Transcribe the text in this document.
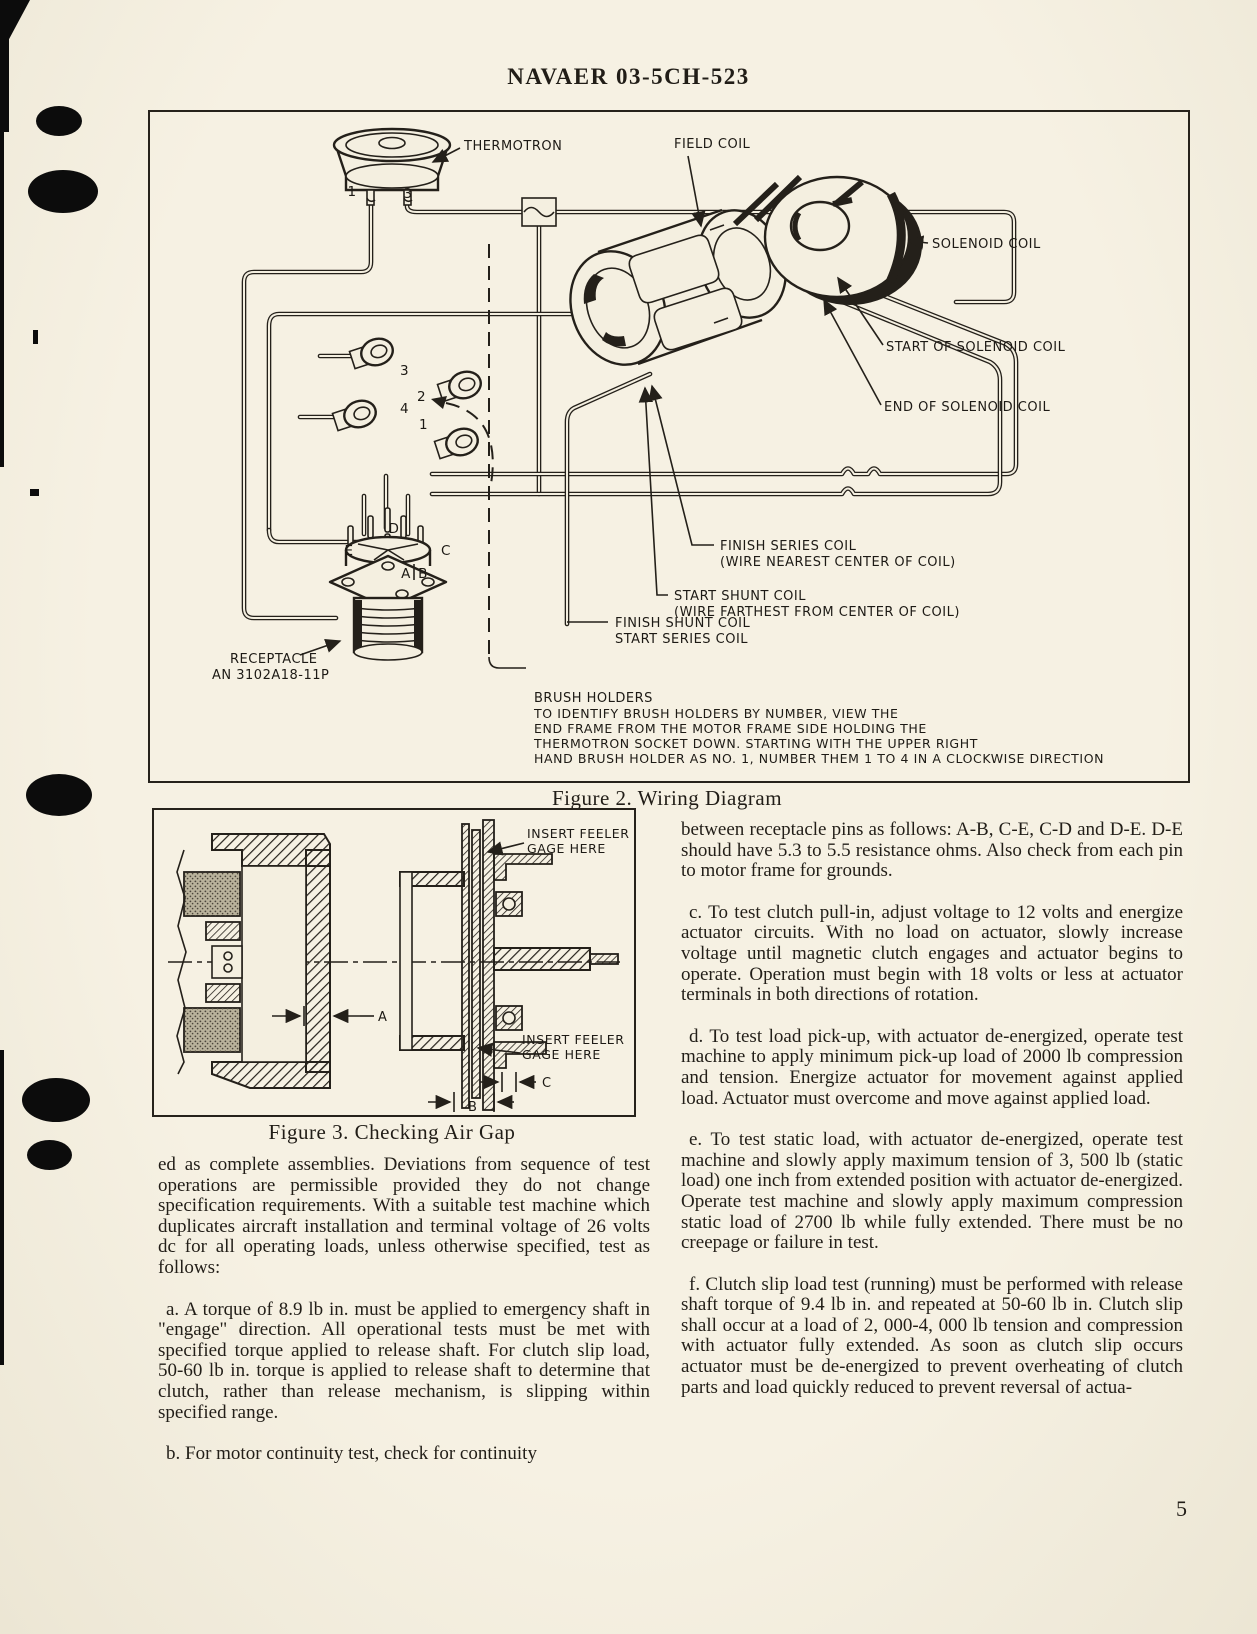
NAVAER 03-5CH-523
1	3
3
2
4
1
E
D
C
A B
THERMOTRON	FIELD COIL
SOLENOID COIL
START OF SOLENOID COIL
END OF SOLENOID COIL
FINISH SERIES COIL
(WIRE NEAREST CENTER OF COIL)
START SHUNT COIL
(WIRE FARTHEST FROM CENTER OF COIL)
FINISH SHUNT COIL
START SERIES COIL
RECEPTACLE
AN 3102A18-11P
BRUSH HOLDERS
TO IDENTIFY BRUSH HOLDERS BY NUMBER, VIEW THE
END FRAME FROM THE MOTOR FRAME SIDE HOLDING THE
THERMOTRON SOCKET DOWN. STARTING WITH THE UPPER RIGHT
HAND BRUSH HOLDER AS NO. 1, NUMBER THEM 1 TO 4 IN A CLOCKWISE DIRECTION
Figure 2. Wiring Diagram
A
INSERT FEELER
GAGE HERE
INSERT FEELER
GAGE HERE
C
B
Figure 3. Checking Air Gap

ed as complete assemblies. Deviations from sequence of test operations are permissible provided they do not change specification requirements. With a suitable test machine which duplicates aircraft installation and terminal voltage of 26 volts dc for all operating loads, unless otherwise specified, test as follows:

a. A torque of 8.9 lb in. must be applied to emergency shaft in "engage" direction. All operational tests must be met with specified torque applied to release shaft. For clutch slip load, 50-60 lb in. torque is applied to release shaft to determine that clutch, rather than release mechanism, is slipping within specified range.

b. For motor continuity test, check for continuity

between receptacle pins as follows: A-B, C-E, C-D and D-E. D-E should have 5.3 to 5.5 resistance ohms. Also check from each pin to motor frame for grounds.

c. To test clutch pull-in, adjust voltage to 12 volts and energize actuator circuits. With no load on actuator, slowly increase voltage until magnetic clutch engages and actuator begins to operate. Operation must begin with 18 volts or less at actuator terminals in both directions of rotation.

d. To test load pick-up, with actuator de-energized, operate test machine to apply minimum pick-up load of 2000 lb compression and tension. Energize actuator for movement against applied load. Actuator must overcome and move against applied load.

e. To test static load, with actuator de-energized, operate test machine and slowly apply maximum tension of 3, 500 lb (static load) one inch from extended position with actuator de-energized. Operate test machine and slowly apply maximum compression static load of 2700 lb while fully extended. There must be no creepage or failure in test.

f. Clutch slip load test (running) must be performed with release shaft torque of 9.4 lb in. and repeated at 50-60 lb in. Clutch slip shall occur at a load of 2, 000-4, 000 lb tension and compression with actuator fully extended. As soon as clutch slip occurs actuator must be de-energized to prevent overheating of clutch parts and load quickly reduced to prevent reversal of actua-

5
